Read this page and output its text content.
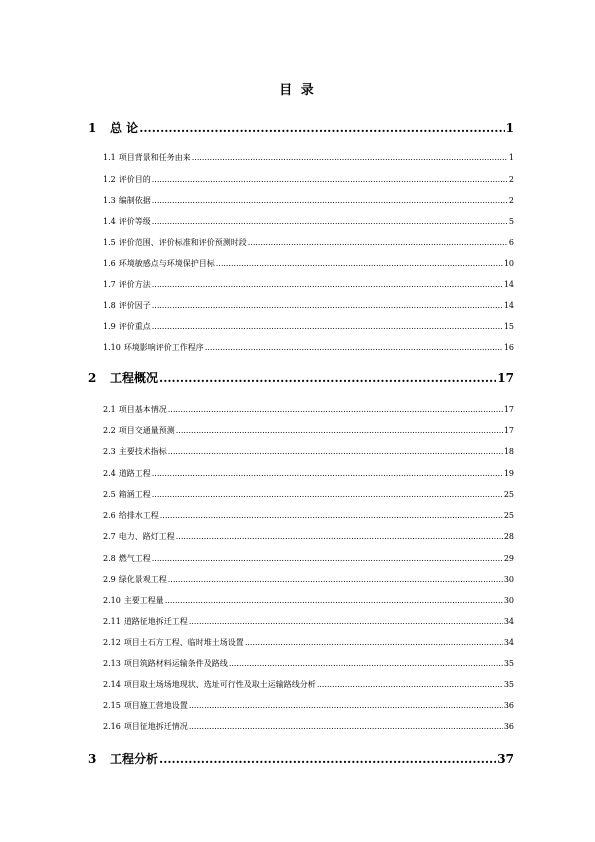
目 录
1 总 论 .....	1
1.1 项目背景和任务由来 .....	1
1.2 评价目的 .....	2
1.3 编制依据 .....	2
1.4 评价等级 .....	5
1.5 评价范围、评价标准和评价预测时段 .....	6
1.6 环境敏感点与环境保护目标 .....	10
1.7 评价方法 .....	14
1.8 评价因子 .....	14
1.9 评价重点 .....	15
1.10 环境影响评价工作程序 .....	16
2 工程概况 .....	17
2.1 项目基本情况 .....	17
2.2 项目交通量预测 .....	17
2.3 主要技术指标 .....	18
2.4 道路工程 .....	19
2.5 箱涵工程 .....	25
2.6 给排水工程 .....	25
2.7 电力、路灯工程 .....	28
2.8 燃气工程 .....	29
2.9 绿化景观工程 .....	30
2.10 主要工程量 .....	30
2.11 道路征地拆迁工程 .....	34
2.12 项目土石方工程、临时堆土场设置 .....	34
2.13 项目筑路材料运输条件及路线 .....	35
2.14 项目取土场场地现状、选址可行性及取土运输路线分析 .....	35
2.15 项目施工营地设置 .....	36
2.16 项目征地拆迁情况 .....	36
3 工程分析 .....	37
